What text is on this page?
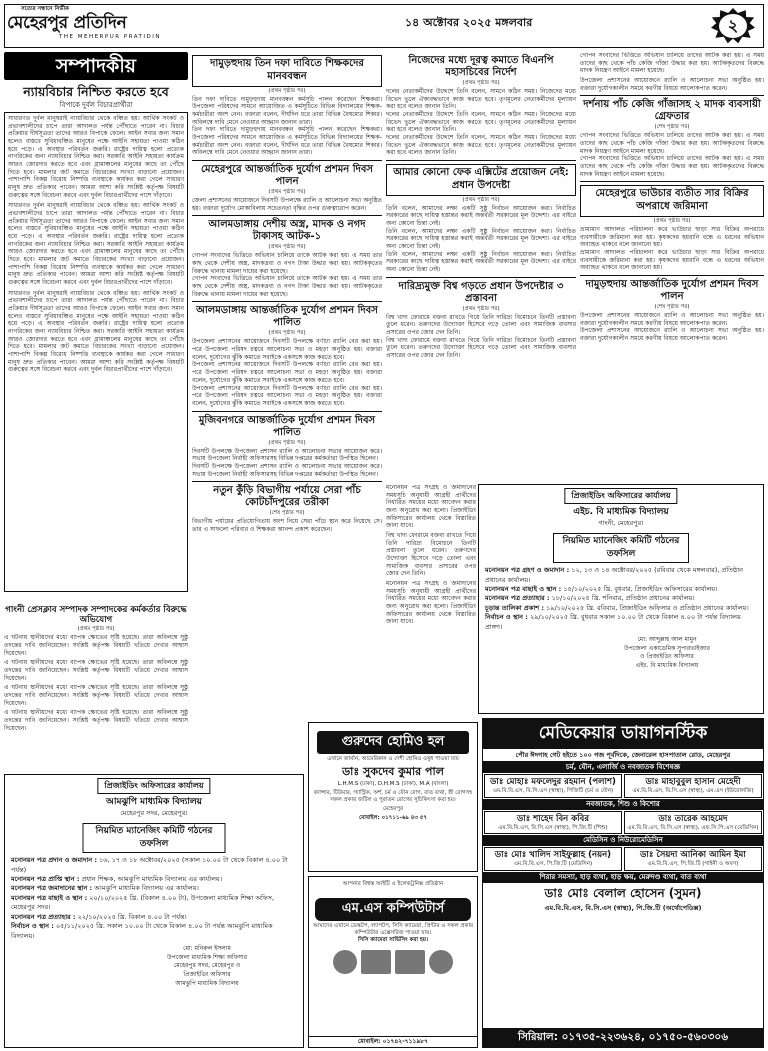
সত্যের সন্ধানে নির্ভীক
মেহেরপুর প্রতিদিন
THE MEHERPUR PRATIDIN
১৪ অক্টোবর ২০২৫ মঙ্গলবার	২
সম্পাদকীয়
ন্যায়বিচার নিশ্চিত করতে হবে
বিপাকে দুর্বল বিচারপ্রার্থীরা

সাধারণত দুর্বল মানুষরাই ন্যায়বিচার থেকে বঞ্চিত হয়। আর্থিক সংকট ও প্রভাবশালীদের চাপে তারা আদালত পর্যন্ত পৌঁছাতে পারেন না। বিচার প্রক্রিয়ার দীর্ঘসূত্রতা তাদের আরও বিপাকে ফেলে। আইন সবার জন্য সমান হলেও বাস্তবে সুবিধাবঞ্চিত মানুষের পক্ষে আইনি সহায়তা পাওয়া কঠিন হয়ে পড়ে। এ অবস্থার পরিবর্তন জরুরি। রাষ্ট্রের দায়িত্ব হলো প্রত্যেক নাগরিকের জন্য ন্যায়বিচার নিশ্চিত করা। সরকারি আইনি সহায়তা কার্যক্রম আরও জোরদার করতে হবে এবং গ্রামাঞ্চলের মানুষের কাছে তা পৌঁছে দিতে হবে। মামলার জট কমাতে বিচারকের সংখ্যা বাড়ানো প্রয়োজন। পাশাপাশি বিকল্প বিরোধ নিষ্পত্তি ব্যবস্থাকে কার্যকর করা গেলে সাধারণ মানুষ দ্রুত প্রতিকার পাবেন। আমরা আশা করি সংশ্লিষ্ট কর্তৃপক্ষ বিষয়টি গুরুত্বের সঙ্গে বিবেচনা করবে এবং দুর্বল বিচারপ্রার্থীদের পাশে দাঁড়াবে।

সাধারণত দুর্বল মানুষরাই ন্যায়বিচার থেকে বঞ্চিত হয়। আর্থিক সংকট ও প্রভাবশালীদের চাপে তারা আদালত পর্যন্ত পৌঁছাতে পারেন না। বিচার প্রক্রিয়ার দীর্ঘসূত্রতা তাদের আরও বিপাকে ফেলে। আইন সবার জন্য সমান হলেও বাস্তবে সুবিধাবঞ্চিত মানুষের পক্ষে আইনি সহায়তা পাওয়া কঠিন হয়ে পড়ে। এ অবস্থার পরিবর্তন জরুরি। রাষ্ট্রের দায়িত্ব হলো প্রত্যেক নাগরিকের জন্য ন্যায়বিচার নিশ্চিত করা। সরকারি আইনি সহায়তা কার্যক্রম আরও জোরদার করতে হবে এবং গ্রামাঞ্চলের মানুষের কাছে তা পৌঁছে দিতে হবে। মামলার জট কমাতে বিচারকের সংখ্যা বাড়ানো প্রয়োজন। পাশাপাশি বিকল্প বিরোধ নিষ্পত্তি ব্যবস্থাকে কার্যকর করা গেলে সাধারণ মানুষ দ্রুত প্রতিকার পাবেন। আমরা আশা করি সংশ্লিষ্ট কর্তৃপক্ষ বিষয়টি গুরুত্বের সঙ্গে বিবেচনা করবে এবং দুর্বল বিচারপ্রার্থীদের পাশে দাঁড়াবে।

সাধারণত দুর্বল মানুষরাই ন্যায়বিচার থেকে বঞ্চিত হয়। আর্থিক সংকট ও প্রভাবশালীদের চাপে তারা আদালত পর্যন্ত পৌঁছাতে পারেন না। বিচার প্রক্রিয়ার দীর্ঘসূত্রতা তাদের আরও বিপাকে ফেলে। আইন সবার জন্য সমান হলেও বাস্তবে সুবিধাবঞ্চিত মানুষের পক্ষে আইনি সহায়তা পাওয়া কঠিন হয়ে পড়ে। এ অবস্থার পরিবর্তন জরুরি। রাষ্ট্রের দায়িত্ব হলো প্রত্যেক নাগরিকের জন্য ন্যায়বিচার নিশ্চিত করা। সরকারি আইনি সহায়তা কার্যক্রম আরও জোরদার করতে হবে এবং গ্রামাঞ্চলের মানুষের কাছে তা পৌঁছে দিতে হবে। মামলার জট কমাতে বিচারকের সংখ্যা বাড়ানো প্রয়োজন। পাশাপাশি বিকল্প বিরোধ নিষ্পত্তি ব্যবস্থাকে কার্যকর করা গেলে সাধারণ মানুষ দ্রুত প্রতিকার পাবেন। আমরা আশা করি সংশ্লিষ্ট কর্তৃপক্ষ বিষয়টি গুরুত্বের সঙ্গে বিবেচনা করবে এবং দুর্বল বিচারপ্রার্থীদের পাশে দাঁড়াবে।

গাংনী প্রেসক্লাব সম্পাদক সম্পাদকের কর্মকর্তার বিরুদ্ধে অভিযোগ
(প্রথম পৃষ্ঠার পর)

এ ঘটনায় স্থানীয়দের মধ্যে ব্যাপক ক্ষোভের সৃষ্টি হয়েছে। তারা অবিলম্বে সুষ্ঠু তদন্তের দাবি জানিয়েছেন। সংশ্লিষ্ট কর্তৃপক্ষ বিষয়টি খতিয়ে দেখার আশ্বাস দিয়েছেন।

এ ঘটনায় স্থানীয়দের মধ্যে ব্যাপক ক্ষোভের সৃষ্টি হয়েছে। তারা অবিলম্বে সুষ্ঠু তদন্তের দাবি জানিয়েছেন। সংশ্লিষ্ট কর্তৃপক্ষ বিষয়টি খতিয়ে দেখার আশ্বাস দিয়েছেন।

এ ঘটনায় স্থানীয়দের মধ্যে ব্যাপক ক্ষোভের সৃষ্টি হয়েছে। তারা অবিলম্বে সুষ্ঠু তদন্তের দাবি জানিয়েছেন। সংশ্লিষ্ট কর্তৃপক্ষ বিষয়টি খতিয়ে দেখার আশ্বাস দিয়েছেন।

এ ঘটনায় স্থানীয়দের মধ্যে ব্যাপক ক্ষোভের সৃষ্টি হয়েছে। তারা অবিলম্বে সুষ্ঠু তদন্তের দাবি জানিয়েছেন। সংশ্লিষ্ট কর্তৃপক্ষ বিষয়টি খতিয়ে দেখার আশ্বাস দিয়েছেন।

দামুড়হুদায় তিন দফা দাবিতে শিক্ষকদের মানববন্ধন
(প্রথম পৃষ্ঠার পর)

তিন দফা দাবিতে দামুড়হুদায় মানববন্ধন কর্মসূচি পালন করেছেন শিক্ষকরা। উপজেলা পরিষদের সামনে আয়োজিত এ কর্মসূচিতে বিভিন্ন বিদ্যালয়ের শিক্ষক-কর্মচারীরা অংশ নেন। বক্তারা বলেন, দীর্ঘদিন ধরে তারা বিভিন্ন বৈষম্যের শিকার। অবিলম্বে দাবি মেনে নেওয়ার আহ্বান জানান তারা।

তিন দফা দাবিতে দামুড়হুদায় মানববন্ধন কর্মসূচি পালন করেছেন শিক্ষকরা। উপজেলা পরিষদের সামনে আয়োজিত এ কর্মসূচিতে বিভিন্ন বিদ্যালয়ের শিক্ষক-কর্মচারীরা অংশ নেন। বক্তারা বলেন, দীর্ঘদিন ধরে তারা বিভিন্ন বৈষম্যের শিকার। অবিলম্বে দাবি মেনে নেওয়ার আহ্বান জানান তারা।

মেহেরপুরে আন্তর্জাতিক দুর্যোগ প্রশমন দিবস পালন
(প্রথম পৃষ্ঠার পর)

জেলা প্রশাসনের আয়োজনে দিবসটি উপলক্ষে র‍্যালি ও আলোচনা সভা অনুষ্ঠিত হয়। বক্তারা দুর্যোগ মোকাবিলায় সচেতনতা বৃদ্ধির ওপর গুরুত্বারোপ করেন।

আলমডাঙ্গায় দেশীয় অস্ত্র, মাদক ও নগদ টাকাসহ আটক-১
(প্রথম পৃষ্ঠার পর)

গোপন সংবাদের ভিত্তিতে অভিযান চালিয়ে তাকে আটক করা হয়। এ সময় তার কাছ থেকে দেশীয় অস্ত্র, মাদকদ্রব্য ও নগদ টাকা উদ্ধার করা হয়। আটককৃতের বিরুদ্ধে থানায় মামলা দায়ের করা হয়েছে।

গোপন সংবাদের ভিত্তিতে অভিযান চালিয়ে তাকে আটক করা হয়। এ সময় তার কাছ থেকে দেশীয় অস্ত্র, মাদকদ্রব্য ও নগদ টাকা উদ্ধার করা হয়। আটককৃতের বিরুদ্ধে থানায় মামলা দায়ের করা হয়েছে।

আলমডাঙ্গায় আন্তর্জাতিক দুর্যোগ প্রশমন দিবস পালিত
(প্রথম পৃষ্ঠার পর)

উপজেলা প্রশাসনের আয়োজনে দিবসটি উপলক্ষে বর্ণাঢ্য র‍্যালি বের করা হয়। পরে উপজেলা পরিষদ চত্বরে আলোচনা সভা ও মহড়া অনুষ্ঠিত হয়। বক্তারা বলেন, দুর্যোগের ঝুঁকি কমাতে সবাইকে একসঙ্গে কাজ করতে হবে।

উপজেলা প্রশাসনের আয়োজনে দিবসটি উপলক্ষে বর্ণাঢ্য র‍্যালি বের করা হয়। পরে উপজেলা পরিষদ চত্বরে আলোচনা সভা ও মহড়া অনুষ্ঠিত হয়। বক্তারা বলেন, দুর্যোগের ঝুঁকি কমাতে সবাইকে একসঙ্গে কাজ করতে হবে।

উপজেলা প্রশাসনের আয়োজনে দিবসটি উপলক্ষে বর্ণাঢ্য র‍্যালি বের করা হয়। পরে উপজেলা পরিষদ চত্বরে আলোচনা সভা ও মহড়া অনুষ্ঠিত হয়। বক্তারা বলেন, দুর্যোগের ঝুঁকি কমাতে সবাইকে একসঙ্গে কাজ করতে হবে।

মুজিবনগরে আন্তর্জাতিক দুর্যোগ প্রশমন দিবস পালিত
(প্রথম পৃষ্ঠার পর)

দিবসটি উপলক্ষে উপজেলা প্রশাসন র‍্যালি ও আলোচনা সভার আয়োজন করে। সভায় উপজেলা নির্বাহী অফিসারসহ বিভিন্ন দপ্তরের কর্মকর্তারা উপস্থিত ছিলেন।

দিবসটি উপলক্ষে উপজেলা প্রশাসন র‍্যালি ও আলোচনা সভার আয়োজন করে। সভায় উপজেলা নির্বাহী অফিসারসহ বিভিন্ন দপ্তরের কর্মকর্তারা উপস্থিত ছিলেন।

নতুন কুঁড়ি বিভাগীয় পর্যায়ে সেরা পাঁচ কোটচাঁদপুরের তরীকা
(শেষ পৃষ্ঠার পর)

বিভাগীয় পর্যায়ের প্রতিযোগিতায় অংশ নিয়ে সেরা পাঁচে স্থান করে নিয়েছে সে। তার এ সাফল্যে পরিবার ও শিক্ষকরা আনন্দ প্রকাশ করেছেন।

নিজেদের মধ্যে দূরত্ব কমাতে বিএনপি মহাসচিবের নির্দেশ
(প্রথম পৃষ্ঠার পর)

দলের নেতাকর্মীদের উদ্দেশে তিনি বলেন, সামনে কঠিন সময়। নিজেদের মধ্যে বিভেদ ভুলে ঐক্যবদ্ধভাবে কাজ করতে হবে। তৃণমূলের নেতাকর্মীদের মূল্যায়ন করা হবে বলেও জানান তিনি।

দলের নেতাকর্মীদের উদ্দেশে তিনি বলেন, সামনে কঠিন সময়। নিজেদের মধ্যে বিভেদ ভুলে ঐক্যবদ্ধভাবে কাজ করতে হবে। তৃণমূলের নেতাকর্মীদের মূল্যায়ন করা হবে বলেও জানান তিনি।

দলের নেতাকর্মীদের উদ্দেশে তিনি বলেন, সামনে কঠিন সময়। নিজেদের মধ্যে বিভেদ ভুলে ঐক্যবদ্ধভাবে কাজ করতে হবে। তৃণমূলের নেতাকর্মীদের মূল্যায়ন করা হবে বলেও জানান তিনি।

আমার কোনো ফেক এক্সিটের প্রয়োজন নেই: প্রধান উপদেষ্টা
(প্রথম পৃষ্ঠার পর)

তিনি বলেন, আমাদের লক্ষ্য একটি সুষ্ঠু নির্বাচন আয়োজন করা। নির্বাচিত সরকারের কাছে দায়িত্ব হস্তান্তর করাই অন্তর্বর্তী সরকারের মূল উদ্দেশ্য। এর বাইরে অন্য কোনো চিন্তা নেই।

তিনি বলেন, আমাদের লক্ষ্য একটি সুষ্ঠু নির্বাচন আয়োজন করা। নির্বাচিত সরকারের কাছে দায়িত্ব হস্তান্তর করাই অন্তর্বর্তী সরকারের মূল উদ্দেশ্য। এর বাইরে অন্য কোনো চিন্তা নেই।

তিনি বলেন, আমাদের লক্ষ্য একটি সুষ্ঠু নির্বাচন আয়োজন করা। নির্বাচিত সরকারের কাছে দায়িত্ব হস্তান্তর করাই অন্তর্বর্তী সরকারের মূল উদ্দেশ্য। এর বাইরে অন্য কোনো চিন্তা নেই।

দারিদ্র্যমুক্ত বিশ্ব গড়তে প্রধান উপদেষ্টার ৩ প্রস্তাবনা
(প্রথম পৃষ্ঠার পর)

বিশ্ব খাদ্য ফোরামে বক্তব্য রাখতে গিয়ে তিনি দারিদ্র্য বিমোচনে তিনটি প্রস্তাবনা তুলে ধরেন। তরুণদের উদ্যোক্তা হিসেবে গড়ে তোলা এবং সামাজিক ব্যবসার প্রসারের ওপর জোর দেন তিনি।

বিশ্ব খাদ্য ফোরামে বক্তব্য রাখতে গিয়ে তিনি দারিদ্র্য বিমোচনে তিনটি প্রস্তাবনা তুলে ধরেন। তরুণদের উদ্যোক্তা হিসেবে গড়ে তোলা এবং সামাজিক ব্যবসার প্রসারের ওপর জোর দেন তিনি।

গোপন সংবাদের ভিত্তিতে অভিযান চালিয়ে তাদের আটক করা হয়। এ সময় তাদের কাছ থেকে পাঁচ কেজি গাঁজা উদ্ধার করা হয়। আটককৃতদের বিরুদ্ধে মাদক নিয়ন্ত্রণ আইনে মামলা হয়েছে।

উপজেলা প্রশাসনের আয়োজনে র‍্যালি ও আলোচনা সভা অনুষ্ঠিত হয়। বক্তারা দুর্যোগকালীন সময়ে করণীয় বিষয়ে আলোকপাত করেন।

দর্শনায় পাঁচ কেজি গাঁজাসহ ২ মাদক ব্যবসায়ী গ্রেফতার
(শেষ পৃষ্ঠার পর)

গোপন সংবাদের ভিত্তিতে অভিযান চালিয়ে তাদের আটক করা হয়। এ সময় তাদের কাছ থেকে পাঁচ কেজি গাঁজা উদ্ধার করা হয়। আটককৃতদের বিরুদ্ধে মাদক নিয়ন্ত্রণ আইনে মামলা হয়েছে।

গোপন সংবাদের ভিত্তিতে অভিযান চালিয়ে তাদের আটক করা হয়। এ সময় তাদের কাছ থেকে পাঁচ কেজি গাঁজা উদ্ধার করা হয়। আটককৃতদের বিরুদ্ধে মাদক নিয়ন্ত্রণ আইনে মামলা হয়েছে।

মেহেরপুরে ভাউচার ব্যতীত সার বিক্রির অপরাধে জরিমানা
(প্রথম পৃষ্ঠার পর)

ভ্রাম্যমাণ আদালত পরিচালনা করে ভাউচার ছাড়া সার বিক্রির অপরাধে ব্যবসায়ীকে জরিমানা করা হয়। কৃষকদের হয়রানি বন্ধে এ ধরনের অভিযান অব্যাহত থাকবে বলে জানানো হয়।

ভ্রাম্যমাণ আদালত পরিচালনা করে ভাউচার ছাড়া সার বিক্রির অপরাধে ব্যবসায়ীকে জরিমানা করা হয়। কৃষকদের হয়রানি বন্ধে এ ধরনের অভিযান অব্যাহত থাকবে বলে জানানো হয়।

দামুড়হুদায় আন্তর্জাতিক দুর্যোগ প্রশমন দিবস পালন
(শেষ পৃষ্ঠার পর)

উপজেলা প্রশাসনের আয়োজনে র‍্যালি ও আলোচনা সভা অনুষ্ঠিত হয়। বক্তারা দুর্যোগকালীন সময়ে করণীয় বিষয়ে আলোকপাত করেন।

উপজেলা প্রশাসনের আয়োজনে র‍্যালি ও আলোচনা সভা অনুষ্ঠিত হয়। বক্তারা দুর্যোগকালীন সময়ে করণীয় বিষয়ে আলোকপাত করেন।

মনোনয়ন পত্র সংগ্রহ ও জমাদানের সময়সূচি অনুযায়ী আগ্রহী প্রার্থীদের নির্ধারিত সময়ের মধ্যে আবেদন করার জন্য অনুরোধ করা হলো। প্রিজাইডিং অফিসারের কার্যালয় থেকে বিস্তারিত জানা যাবে।

বিশ্ব খাদ্য ফোরামে বক্তব্য রাখতে গিয়ে তিনি দারিদ্র্য বিমোচনে তিনটি প্রস্তাবনা তুলে ধরেন। তরুণদের উদ্যোক্তা হিসেবে গড়ে তোলা এবং সামাজিক ব্যবসার প্রসারের ওপর জোর দেন তিনি।

মনোনয়ন পত্র সংগ্রহ ও জমাদানের সময়সূচি অনুযায়ী আগ্রহী প্রার্থীদের নির্ধারিত সময়ের মধ্যে আবেদন করার জন্য অনুরোধ করা হলো। প্রিজাইডিং অফিসারের কার্যালয় থেকে বিস্তারিত জানা যাবে।

প্রিজাইডিং অফিসারের কার্যালয়
এইচ. বি মাধ্যমিক বিদ্যালয়
গাংনী, মেহেরপুর।
নিয়মিত ম্যানেজিং কমিটি গঠনের তফসিল
মনোনয়ন পত্র গ্রহণ ও জমাদান : ১২, ১৩ ও ১৪ অক্টোবর/২০২৫ (রবিবার থেকে মঙ্গলবার), প্রতিষ্ঠান প্রধানের কার্যালয়।
মনোনয়ন পত্র বাছাই ও স্থান : ১৫/১০/২০২৫ খ্রি. বুধবার, প্রিজাইডিং অফিসারের কার্যালয়।
মনোনয়ন পত্র প্রত্যাহার : ১৮/১০/২০২৫ খ্রি. শনিবার, প্রতিষ্ঠান প্রধানের কার্যালয়।
চূড়ান্ত তালিকা প্রকাশ : ১৯/১০/২০২৫ খ্রি. রবিবার, প্রিজাইডিং অফিসার ও প্রতিষ্ঠান প্রধানের কার্যালয়।
নির্বাচন ও স্থান : ২৯/১০/২০২৫ খ্রি. বুধবার সকাল ১০.০০ টা থেকে বিকাল ৪.০০ টা পর্যন্ত বিদ্যালয় প্রাঙ্গণ।
মো: আব্দুল্লাহ আল মামুন
উপজেলা একাডেমিক সুপারভাইজার
ও প্রিজাইডিং অফিসার
এইচ. বি মাধ্যমিক বিদ্যালয়
প্রিজাইডিং অফিসারের কার্যালয়
আমঝুপি মাধ্যমিক বিদ্যালয়
মেহেরপুর সদর, মেহেরপুর।
নিয়মিত ম্যানেজিং কমিটি গঠনের তফসিল
মনোনয়ন পত্র প্রদান ও জমাদান : ১৬, ১৭ ও ১৮ অক্টোবর/২০২৫ (সকাল ১০.০০ টা থেকে বিকাল ৪.০০ টা পর্যন্ত)
মনোনয়ন পত্র প্রাপ্তি স্থান : প্রধান শিক্ষক, আমঝুপি মাধ্যমিক বিদ্যালয় এর কার্যালয়।
মনোনয়ন পত্র জমাদানের স্থান : আমঝুপি মাধ্যমিক বিদ্যালয় এর কার্যালয়।
মনোনয়ন পত্র বাছাই ও স্থান : ২০/১০/২০২৫ খ্রি. (বিকাল ৪.০০ টা), উপজেলা মাধ্যমিক শিক্ষা অফিস, মেহেরপুর সদর।
মনোনয়ন পত্র প্রত্যাহার : ২২/১০/২০২৫ খ্রি. বিকাল ৪.০০ টা পর্যন্ত।
নির্বাচন ও স্থান : ০৫/১১/২০২৫ খ্রি. সকাল ১০.০০ টা থেকে বিকাল ৪.০০ টা পর্যন্ত আমঝুপি মাধ্যমিক বিদ্যালয়।
মো: মনিরুল ইসলাম
উপজেলা মাধ্যমিক শিক্ষা অফিসার
মেহেরপুর সদর, মেহেরপুর ও
প্রিজাইডিং অফিসার
আমঝুপি মাধ্যমিক বিদ্যালয়
গুরুদেব হোমিও হল
এখানে জার্মান, আমেরিকান ও দেশী হোমিও ওষুধ পাওয়া যায়
ডাঃ সুকদেব কুমার পাল
L.H.M.S (ঢাকা), D.H.M.S (ঢাকা), M.A (বাংলা)
ক্যান্সার, টিউমার, গ্যাস্ট্রিক, অর্শ, চর্ম ও যৌন রোগ, বাত ব্যথা, স্ত্রী রোগসহ সকল প্রকার জটিল ও পুরাতন রোগের সুচিকিৎসা করা হয়।
মেহেরপুর
মোবাইল: ০১৭১১-৬৯ ৪৩ ৫৭
আপনার বিশ্বস্ত আইটি ও ইলেকট্রনিক্স প্রতিষ্ঠান
এম.এস কম্পিউটার্স
আমাদের এখানে ডেস্কটপ, ল্যাপটপ, সিসি ক্যামেরা, প্রিন্টার ও সকল প্রকার কম্পিউটার এক্সেসরিজ পাওয়া যায়।
সিসি ক্যামেরা সার্ভিসিং করা হয়।
মোবাইল: ০১৭৪২-৭১১৯৮৭
মেডিকেয়ার ডায়াগনস্টিক
পৌর ঈদগাহ গেট হইতে ১০০ গজ পূর্বদিকে, জেনারেল হাসপাতাল রোড, মেহেরপুর
চর্ম, যৌন, এলার্জি ও নবজাতক বিশেষজ্ঞ
ডাঃ মোহাঃ মফলেদুর রহমান (পলাশ)
এম.বি.বি.এস, বি.সি.এস (স্বাস্থ্য), পিজিটি (চর্ম ও যৌন)
ডাঃ মাহাবুবুল হাসান মেহেদী
এম.বি.বি.এস, বি.সি.এস (স্বাস্থ্য), এম.এস (ইউরোলজি)
নবজাতক, শিশু ও কিশোর
ডাঃ শাহেদ বিন কবির
এম.বি.বি.এস, বি.সি.এস (স্বাস্থ্য), পি.জি.টি (শিশু)
ডাঃ তারেক আহমেদ
এম.বি.বি.এস, বি.সি.এস (স্বাস্থ্য), এফ.সি.পি.এস (মেডিসিন)
মেডিসিন ও নিউরোমেডিসিন
ডাঃ মোঃ খালিদ সাইফুল্লাহ (নয়ন)
এম.বি.বি.এস, পি.জি.টি (মেডিসিন)
ডাঃ সৈয়দা আনিকা আমিন ইমা
এম.বি.বি.এস, পি.জি.টি (গাইনী ও অবস)
শিরার সমস্যা, হাড় ব্যথা, হাড় ক্ষয়, মেরুদণ্ড ব্যথা, বাত ব্যথা
ডাঃ মোঃ বেলাল হোসেন (সুমন)
এম.বি.বি.এস, বি.সি.এস (স্বাস্থ্য), পি.জি.টি (অর্থোপেডিক্স)
সিরিয়াল: ০১৭৩৫-২২৩৬২৪, ০১৭৫০-৫৬০৩০৬
